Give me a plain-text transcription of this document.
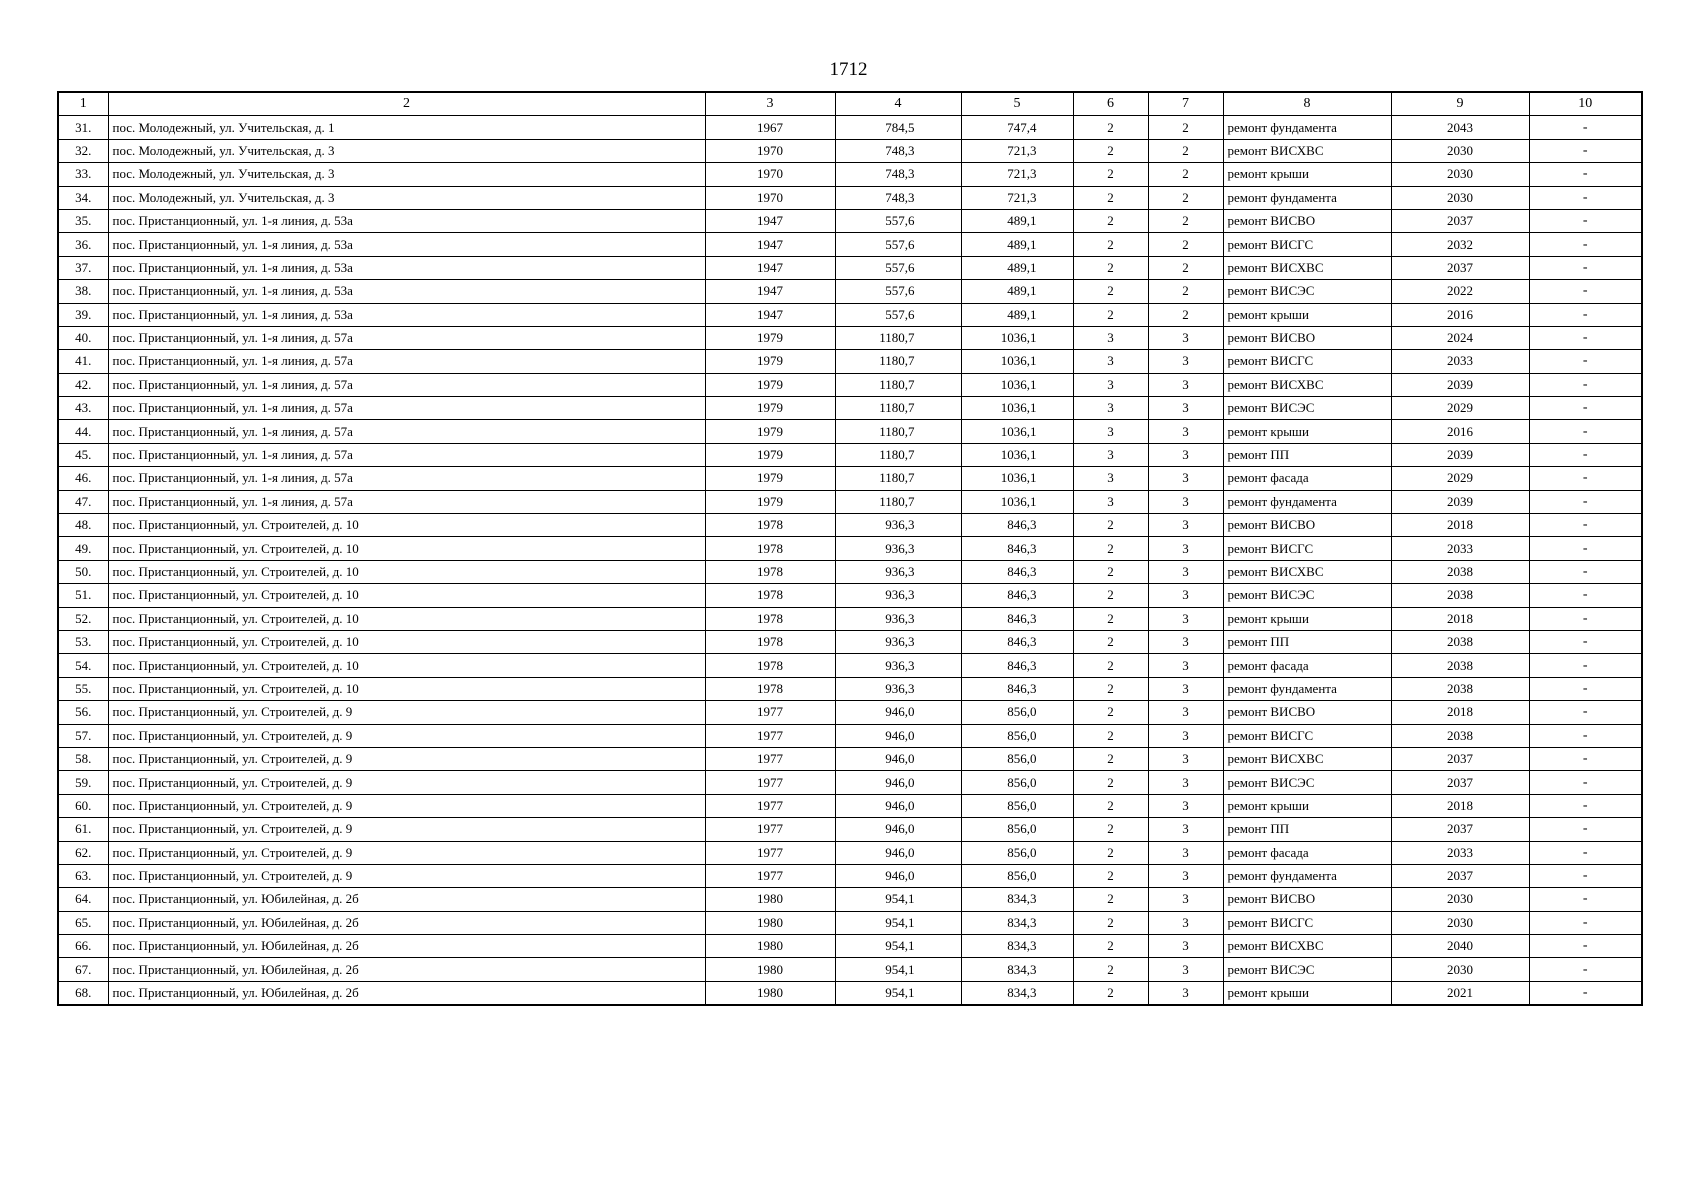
1712
1	2	3	4	5	6	7	8	9	10
31.	пос. Молодежный, ул. Учительская, д. 1	1967	784,5	747,4	2	2	ремонт фундамента	2043	-
32.	пос. Молодежный, ул. Учительская, д. 3	1970	748,3	721,3	2	2	ремонт ВИСХВС	2030	-
33.	пос. Молодежный, ул. Учительская, д. 3	1970	748,3	721,3	2	2	ремонт крыши	2030	-
34.	пос. Молодежный, ул. Учительская, д. 3	1970	748,3	721,3	2	2	ремонт фундамента	2030	-
35.	пос. Пристанционный, ул. 1-я линия, д. 53а	1947	557,6	489,1	2	2	ремонт ВИСВО	2037	-
36.	пос. Пристанционный, ул. 1-я линия, д. 53а	1947	557,6	489,1	2	2	ремонт ВИСГС	2032	-
37.	пос. Пристанционный, ул. 1-я линия, д. 53а	1947	557,6	489,1	2	2	ремонт ВИСХВС	2037	-
38.	пос. Пристанционный, ул. 1-я линия, д. 53а	1947	557,6	489,1	2	2	ремонт ВИСЭС	2022	-
39.	пос. Пристанционный, ул. 1-я линия, д. 53а	1947	557,6	489,1	2	2	ремонт крыши	2016	-
40.	пос. Пристанционный, ул. 1-я линия, д. 57а	1979	1180,7	1036,1	3	3	ремонт ВИСВО	2024	-
41.	пос. Пристанционный, ул. 1-я линия, д. 57а	1979	1180,7	1036,1	3	3	ремонт ВИСГС	2033	-
42.	пос. Пристанционный, ул. 1-я линия, д. 57а	1979	1180,7	1036,1	3	3	ремонт ВИСХВС	2039	-
43.	пос. Пристанционный, ул. 1-я линия, д. 57а	1979	1180,7	1036,1	3	3	ремонт ВИСЭС	2029	-
44.	пос. Пристанционный, ул. 1-я линия, д. 57а	1979	1180,7	1036,1	3	3	ремонт крыши	2016	-
45.	пос. Пристанционный, ул. 1-я линия, д. 57а	1979	1180,7	1036,1	3	3	ремонт ПП	2039	-
46.	пос. Пристанционный, ул. 1-я линия, д. 57а	1979	1180,7	1036,1	3	3	ремонт фасада	2029	-
47.	пос. Пристанционный, ул. 1-я линия, д. 57а	1979	1180,7	1036,1	3	3	ремонт фундамента	2039	-
48.	пос. Пристанционный, ул. Строителей, д. 10	1978	936,3	846,3	2	3	ремонт ВИСВО	2018	-
49.	пос. Пристанционный, ул. Строителей, д. 10	1978	936,3	846,3	2	3	ремонт ВИСГС	2033	-
50.	пос. Пристанционный, ул. Строителей, д. 10	1978	936,3	846,3	2	3	ремонт ВИСХВС	2038	-
51.	пос. Пристанционный, ул. Строителей, д. 10	1978	936,3	846,3	2	3	ремонт ВИСЭС	2038	-
52.	пос. Пристанционный, ул. Строителей, д. 10	1978	936,3	846,3	2	3	ремонт крыши	2018	-
53.	пос. Пристанционный, ул. Строителей, д. 10	1978	936,3	846,3	2	3	ремонт ПП	2038	-
54.	пос. Пристанционный, ул. Строителей, д. 10	1978	936,3	846,3	2	3	ремонт фасада	2038	-
55.	пос. Пристанционный, ул. Строителей, д. 10	1978	936,3	846,3	2	3	ремонт фундамента	2038	-
56.	пос. Пристанционный, ул. Строителей, д. 9	1977	946,0	856,0	2	3	ремонт ВИСВО	2018	-
57.	пос. Пристанционный, ул. Строителей, д. 9	1977	946,0	856,0	2	3	ремонт ВИСГС	2038	-
58.	пос. Пристанционный, ул. Строителей, д. 9	1977	946,0	856,0	2	3	ремонт ВИСХВС	2037	-
59.	пос. Пристанционный, ул. Строителей, д. 9	1977	946,0	856,0	2	3	ремонт ВИСЭС	2037	-
60.	пос. Пристанционный, ул. Строителей, д. 9	1977	946,0	856,0	2	3	ремонт крыши	2018	-
61.	пос. Пристанционный, ул. Строителей, д. 9	1977	946,0	856,0	2	3	ремонт ПП	2037	-
62.	пос. Пристанционный, ул. Строителей, д. 9	1977	946,0	856,0	2	3	ремонт фасада	2033	-
63.	пос. Пристанционный, ул. Строителей, д. 9	1977	946,0	856,0	2	3	ремонт фундамента	2037	-
64.	пос. Пристанционный, ул. Юбилейная, д. 2б	1980	954,1	834,3	2	3	ремонт ВИСВО	2030	-
65.	пос. Пристанционный, ул. Юбилейная, д. 2б	1980	954,1	834,3	2	3	ремонт ВИСГС	2030	-
66.	пос. Пристанционный, ул. Юбилейная, д. 2б	1980	954,1	834,3	2	3	ремонт ВИСХВС	2040	-
67.	пос. Пристанционный, ул. Юбилейная, д. 2б	1980	954,1	834,3	2	3	ремонт ВИСЭС	2030	-
68.	пос. Пристанционный, ул. Юбилейная, д. 2б	1980	954,1	834,3	2	3	ремонт крыши	2021	-
